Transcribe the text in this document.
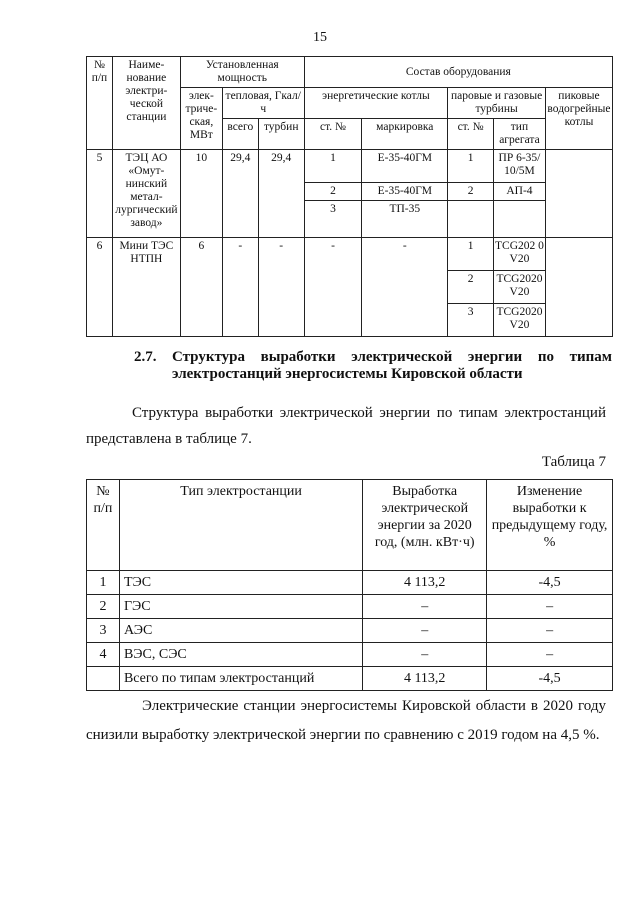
15
№ п/п	Наиме-нование электри-ческой станции	Установленная мощность			Состав оборудования				
		элек-триче-ская, МВт	тепловая, Гкал/ч		энергетические котлы		паровые и газовые турбины		пиковые водогрейные котлы
			всего	турбин	ст. №	маркировка	ст. №	тип агрегата	
5	ТЭЦ АО «Омут-нинский метал-лургический завод»	10	29,4	29,4	1	Е-35-40ГМ	1	ПР 6-35/ 10/5М	
					2	Е-35-40ГМ	2	АП-4	
					3	ТП-35			
6	Мини ТЭС НТПН	6	-	-	-	-	1	TCG202 0 V20	
							2	TCG2020 V20	
							3	TCG2020 V20	
2.7. Структура выработки электрической энергии по типам электростанций энергосистемы Кировской области
Структура выработки электрической энергии по типам электростанций представлена в таблице 7.
Таблица 7
№ п/п	Тип электростанции	Выработка электрической энергии за 2020 год, (млн. кВт·ч)	Изменение выработки к предыдущему году, %
1	ТЭС	4 113,2	-4,5
2	ГЭС	–	–
3	АЭС	–	–
4	ВЭС, СЭС	–	–
	Всего по типам электростанций	4 113,2	-4,5
Электрические станции энергосистемы Кировской области в 2020 году снизили выработку электрической энергии по сравнению с 2019 годом на 4,5 %.
